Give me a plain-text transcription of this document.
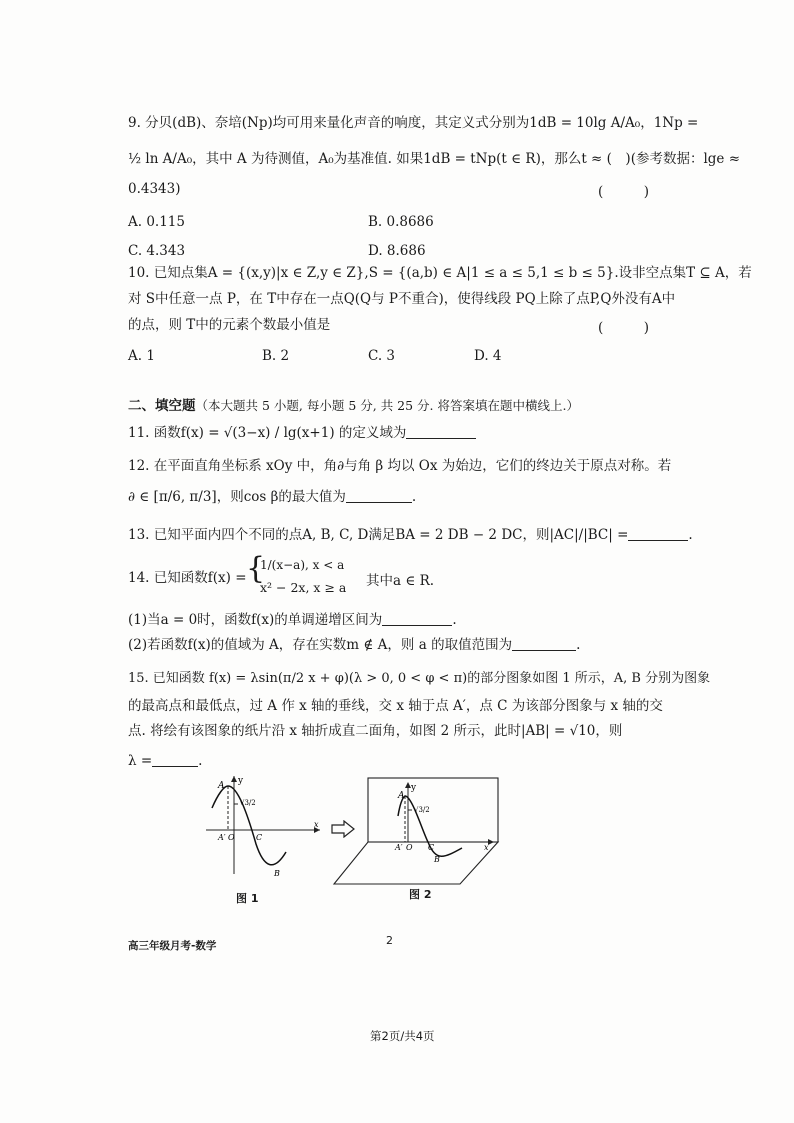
9. 分贝(dB)、奈培(Np)均可用来量化声音的响度，其定义式分别为1dB = 10lg A/A₀，1Np =
½ ln A/A₀，其中 A 为待测值，A₀为基准值. 如果1dB = tNp(t ∈ R)，那么t ≈ (　)(参考数据：lge ≈
0.4343)	(　　　)
A. 0.115	B. 0.8686
C. 4.343	D. 8.686
10. 已知点集A = {(x,y)|x ∈ Z,y ∈ Z},S = {(a,b) ∈ A|1 ≤ a ≤ 5,1 ≤ b ≤ 5}.设非空点集T ⊆ A，若
对 S中任意一点 P，在 T中存在一点Q(Q与 P不重合)，使得线段 PQ上除了点P,Q外没有A中
的点，则 T中的元素个数最小值是	(　　　)
A. 1	B. 2	C. 3	D. 4
二、填空题（本大题共 5 小题, 每小题 5 分, 共 25 分. 将答案填在题中横线上.）
11. 函数f(x) = √(3−x) / lg(x+1) 的定义域为
12. 在平面直角坐标系 xOy 中，角∂与角 β 均以 Ox 为始边，它们的终边关于原点对称。若
∂ ∈ [π/6, π/3]，则cos β的最大值为	.
13. 已知平面内四个不同的点A, B, C, D满足BA = 2 DB − 2 DC，则|AC|/|BC| =	.
14. 已知函数f(x) = {
1/(x−a), x < a
x² − 2x, x ≥ a 其中a ∈ R.
(1)当a = 0时，函数f(x)的单调递增区间为	.
(2)若函数f(x)的值域为 A，存在实数m ∉ A，则 a 的取值范围为	.
15. 已知函数 f(x) = λsin(π/2 x + φ)(λ > 0, 0 < φ < π)的部分图象如图 1 所示，A, B 分别为图象
的最高点和最低点，过 A 作 x 轴的垂线，交 x 轴于点 A′，点 C 为该部分图象与 x 轴的交
点. 将绘有该图象的纸片沿 x 轴折成直二面角，如图 2 所示，此时|AB| = √10，则
λ =	.
y
A
√3/2
A′ O	C
x
B
图 1
y
A
√3/2
A′ O C
B
x
图 2
高三年级月考-数学	2
第2页/共4页
